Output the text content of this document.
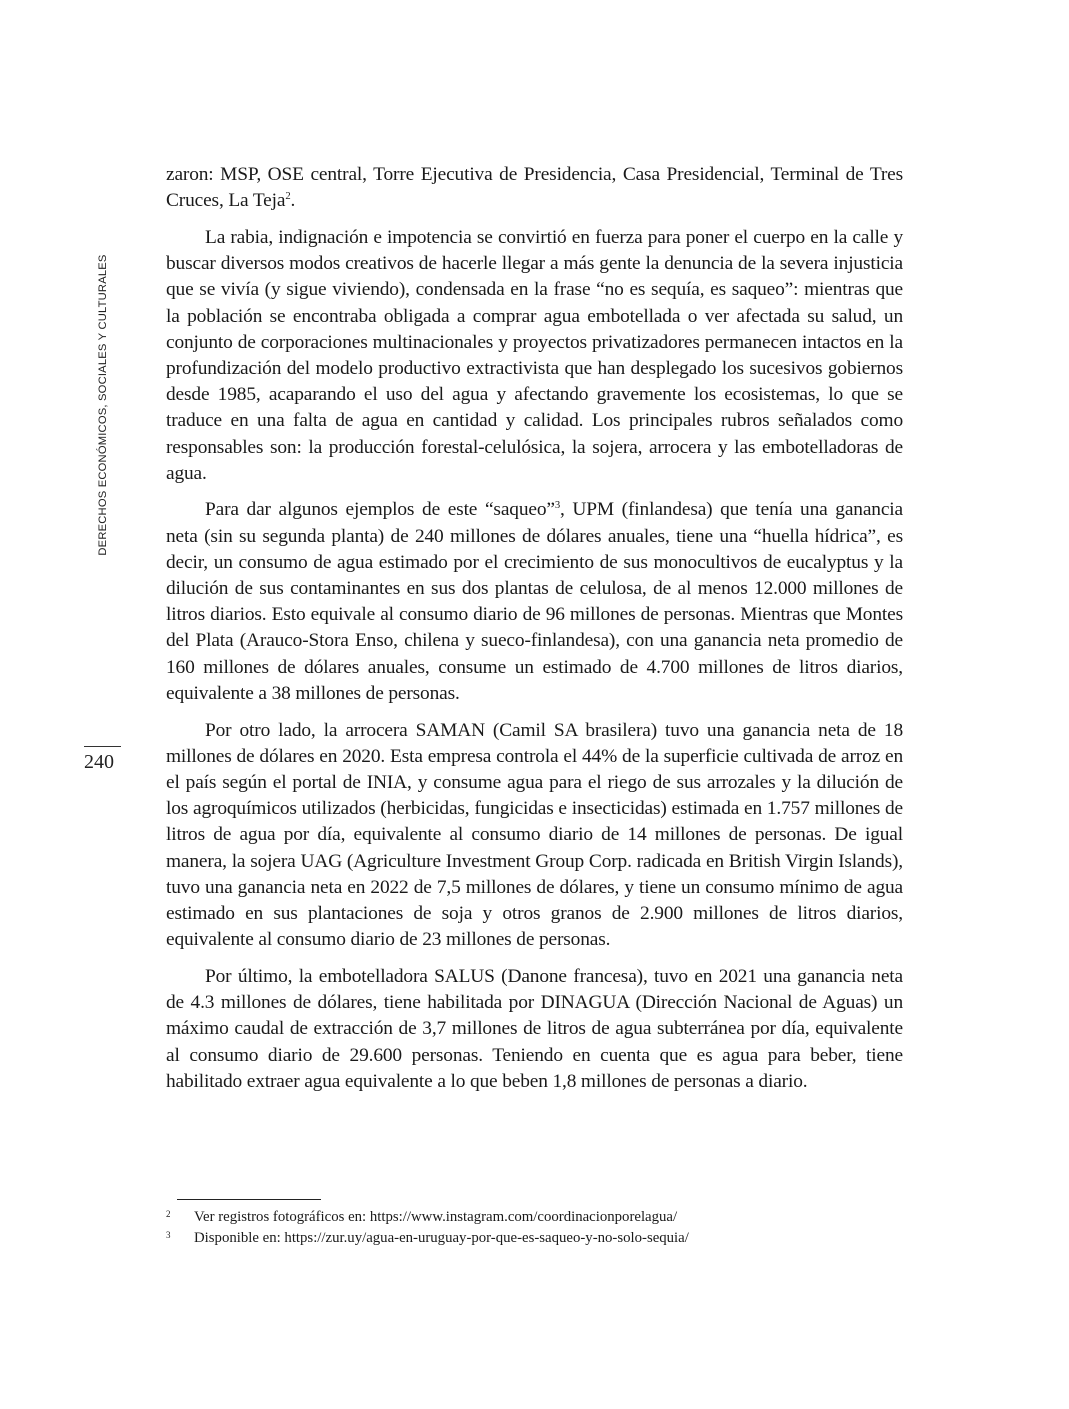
DERECHOS ECONÓMICOS, SOCIALES Y CULTURALES
240

zaron: MSP, OSE central, Torre Ejecutiva de Presidencia, Casa Presidencial, Terminal de Tres Cruces, La Teja$^2$.

La rabia, indignación e impotencia se convirtió en fuerza para poner el cuerpo en la calle y buscar diversos modos creativos de hacerle llegar a más gente la denuncia de la severa injusticia que se vivía (y sigue viviendo), condensada en la frase “no es sequía, es saqueo”: mientras que la población se encontraba obligada a comprar agua embotellada o ver afectada su salud, un conjunto de corporaciones multinacionales y proyectos privatizadores permanecen intactos en la profundización del modelo productivo extractivista que han desplegado los sucesivos gobiernos desde 1985, acaparando el uso del agua y afectando gravemente los ecosistemas, lo que se traduce en una falta de agua en cantidad y calidad. Los principales rubros señalados como responsables son: la producción forestal-celulósica, la sojera, arrocera y las embotelladoras de agua.

Para dar algunos ejemplos de este “saqueo”$^3$, UPM (finlandesa) que tenía una ganancia neta (sin su segunda planta) de 240 millones de dólares anuales, tiene una “huella hídrica”, es decir, un consumo de agua estimado por el crecimiento de sus monocultivos de eucalyptus y la dilución de sus contaminantes en sus dos plantas de celulosa, de al menos 12.000 millones de litros diarios. Esto equivale al consumo diario de 96 millones de personas. Mientras que Montes del Plata (Arauco-Stora Enso, chilena y sueco-finlandesa), con una ganancia neta promedio de 160 millones de dólares anuales, consume un estimado de 4.700 millones de litros diarios, equivalente a 38 millones de personas.

Por otro lado, la arrocera SAMAN (Camil SA brasilera) tuvo una ganancia neta de 18 millones de dólares en 2020. Esta empresa controla el 44% de la superficie cultivada de arroz en el país según el portal de INIA, y consume agua para el riego de sus arrozales y la dilución de los agroquímicos utilizados (herbicidas, fungicidas e insecticidas) estimada en 1.757 millones de litros de agua por día, equivalente al consumo diario de 14 millones de personas. De igual manera, la sojera UAG (Agriculture Investment Group Corp. radicada en British Virgin Islands), tuvo una ganancia neta en 2022 de 7,5 millones de dólares, y tiene un consumo mínimo de agua estimado en sus plantaciones de soja y otros granos de 2.900 millones de litros diarios, equivalente al consumo diario de 23 millones de personas.

Por último, la embotelladora SALUS (Danone francesa), tuvo en 2021 una ganancia neta de 4.3 millones de dólares, tiene habilitada por DINAGUA (Dirección Nacional de Aguas) un máximo caudal de extracción de 3,7 millones de litros de agua subterránea por día, equivalente al consumo diario de 29.600 personas. Teniendo en cuenta que es agua para beber, tiene habilitado extraer agua equivalente a lo que beben 1,8 millones de personas a diario.

2	Ver registros fotográficos en: https://www.instagram.com/coordinacionporelagua/
3	Disponible en: https://zur.uy/agua-en-uruguay-por-que-es-saqueo-y-no-solo-sequia/
